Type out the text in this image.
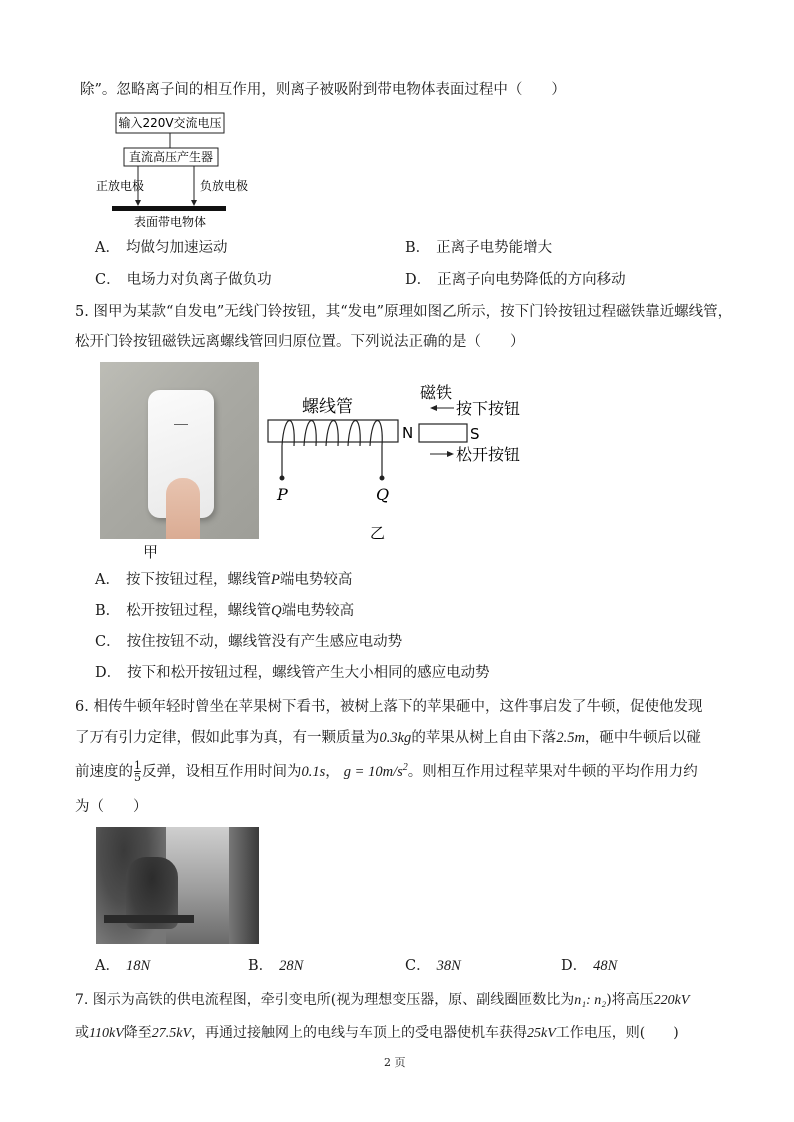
除”。忽略离子间的相互作用，则离子被吸附到带电物体表面过程中（　　）
输入220V交流电压
直流高压产生器
正放电极	负放电极
表面带电物体
A． 均做匀加速运动	B． 正离子电势能增大
C． 电场力对负离子做负功	D． 正离子向电势降低的方向移动
5. 图甲为某款“自发电”无线门铃按钮，其“发电”原理如图乙所示，按下门铃按钮过程磁铁靠近螺线管，
松开门铃按钮磁铁远离螺线管回归原位置。下列说法正确的是（　　）
甲
螺线管
P	Q
乙
N	S
磁铁
按下按钮
松开按钮
A． 按下按钮过程，螺线管P端电势较高
B． 松开按钮过程，螺线管Q端电势较高
C． 按住按钮不动，螺线管没有产生感应电动势
D． 按下和松开按钮过程，螺线管产生大小相同的感应电动势
6. 相传牛顿年轻时曾坐在苹果树下看书，被树上落下的苹果砸中，这件事启发了牛顿，促使他发现
了万有引力定律，假如此事为真，有一颗质量为0.3kg的苹果从树上自由下落2.5m，砸中牛顿后以碰
前速度的 $\frac{1}{5}$ 反弹，设相互作用时间为0.1s， $g = 10m/s^2$。则相互作用过程苹果对牛顿的平均作用力约
为（　　）
A． 18N	B． 28N	C． 38N	D． 48N
7. 图示为高铁的供电流程图，牵引变电所(视为理想变压器，原、副线圈匝数比为n₁: n₂)将高压220kV
或110kV降至27.5kV，再通过接触网上的电线与车顶上的受电器使机车获得25kV工作电压，则(　　)
2 页
